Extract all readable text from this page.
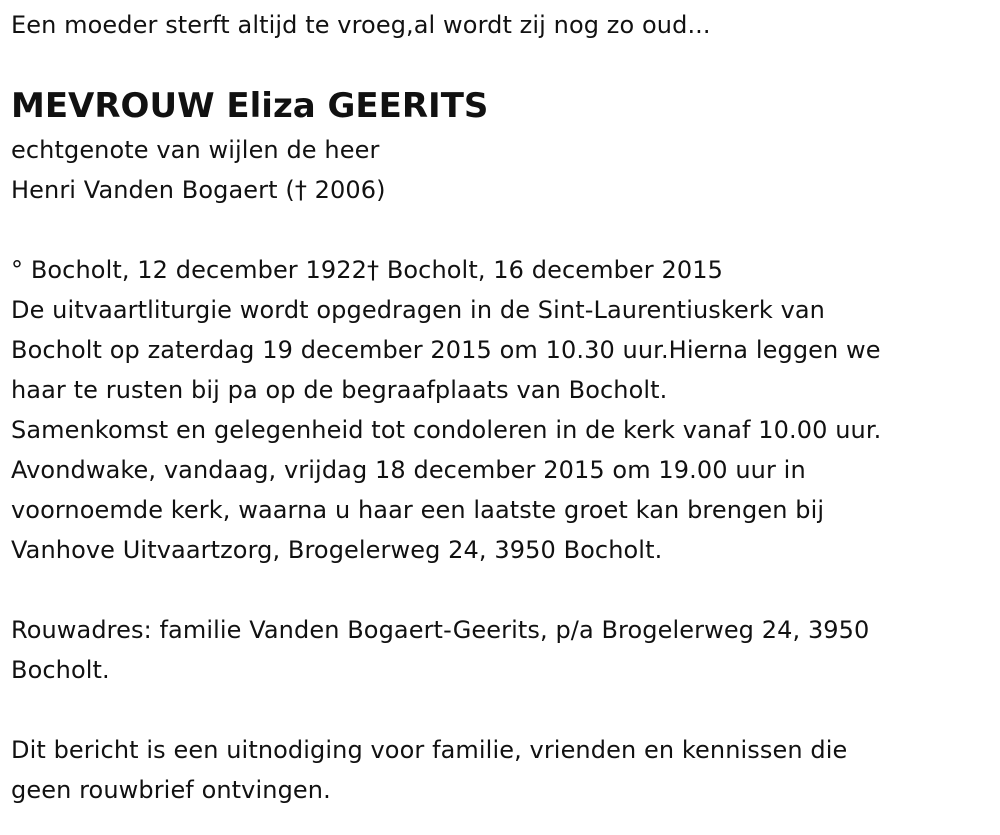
Een moeder sterft altijd te vroeg,al wordt zij nog zo oud...
MEVROUW Eliza GEERITS
echtgenote van wijlen de heer
Henri Vanden Bogaert († 2006)
° Bocholt, 12 december 1922† Bocholt, 16 december 2015
De uitvaartliturgie wordt opgedragen in de Sint-Laurentiuskerk van
Bocholt op zaterdag 19 december 2015 om 10.30 uur.Hierna leggen we
haar te rusten bij pa op de begraafplaats van Bocholt.
Samenkomst en gelegenheid tot condoleren in de kerk vanaf 10.00 uur.
Avondwake, vandaag, vrijdag 18 december 2015 om 19.00 uur in
voornoemde kerk, waarna u haar een laatste groet kan brengen bij
Vanhove Uitvaartzorg, Brogelerweg 24, 3950 Bocholt.
Rouwadres: familie Vanden Bogaert-Geerits, p/a Brogelerweg 24, 3950
Bocholt.
Dit bericht is een uitnodiging voor familie, vrienden en kennissen die
geen rouwbrief ontvingen.
